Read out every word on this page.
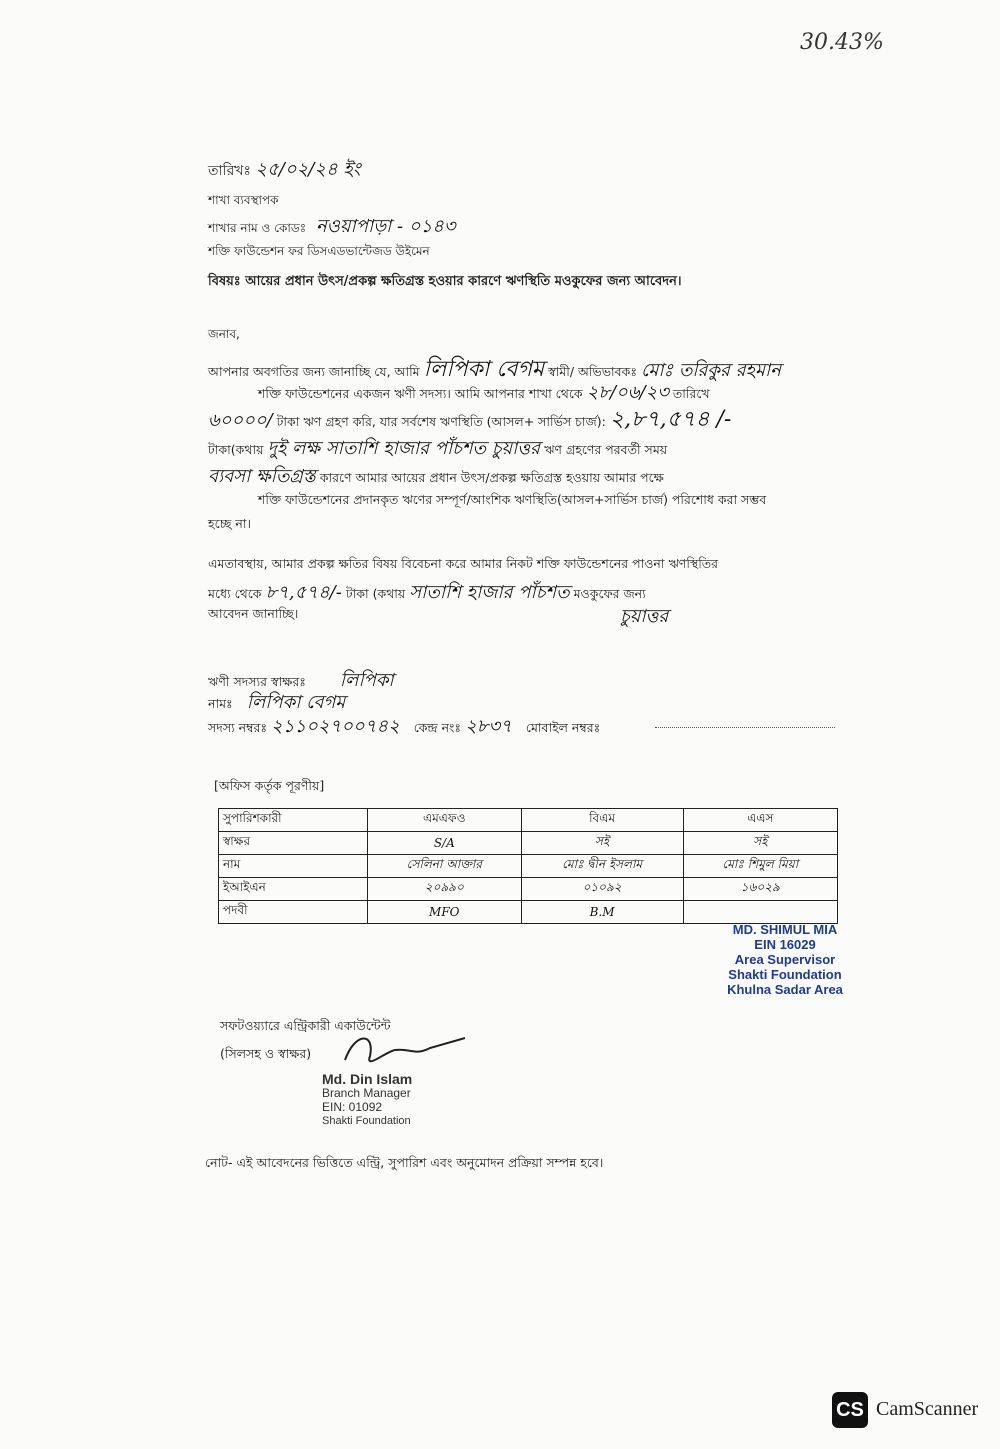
30.43%
তারিখঃ ২৫/০২/২৪ ইং
শাখা ব্যবস্থাপক
শাখার নাম ও কোডঃ নওয়াপাড়া - ০১৪৩
শক্তি ফাউন্ডেশন ফর ডিসএডভান্টেজড উইমেন
বিষয়ঃ আয়ের প্রধান উৎস/প্রকল্প ক্ষতিগ্রস্ত হওয়ার কারণে ঋণস্থিতি মওকুফের জন্য আবেদন।
জনাব,
আপনার অবগতির জন্য জানাচ্ছি যে, আমি লিপিকা বেগম স্বামী/ অভিভাবকঃ মোঃ তরিকুর রহমান
শক্তি ফাউন্ডেশনের একজন ঋণী সদস্য। আমি আপনার শাখা থেকে ২৮/০৬/২৩ তারিখে
৬০০০০/ টাকা ঋণ গ্রহণ করি, যার সর্বশেষ ঋণস্থিতি (আসল+ সার্ভিস চার্জ): ২,৮৭,৫৭৪ /-
টাকা(কথায় দুই লক্ষ সাতাশি হাজার পাঁচশত চুয়াত্তর ঋণ গ্রহণের পরবর্তী সময়
ব্যবসা ক্ষতিগ্রস্ত কারণে আমার আয়ের প্রধান উৎস/প্রকল্প ক্ষতিগ্রস্ত হওয়ায় আমার পক্ষে
শক্তি ফাউন্ডেশনের প্রদানকৃত ঋণের সম্পূর্ণ/আংশিক ঋণস্থিতি(আসল+সার্ভিস চার্জ) পরিশোধ করা সম্ভব
হচ্ছে না।
এমতাবস্থায়, আমার প্রকল্প ক্ষতির বিষয় বিবেচনা করে আমার নিকট শক্তি ফাউন্ডেশনের পাওনা ঋণস্থিতির
মধ্যে থেকে ৮৭,৫৭৪/- টাকা (কথায় সাতাশি হাজার পাঁচশত মওকুফের জন্য
চুয়াত্তর
আবেদন জানাচ্ছি।
ঋণী সদস্যর স্বাক্ষরঃ লিপিকা
নামঃ লিপিকা বেগম
সদস্য নম্বরঃ ২১১০২৭০০৭৪২ কেন্দ্র নংঃ ২৮৩৭ মোবাইল নম্বরঃ
[অফিস কর্তৃক পূরণীয়]
সুপারিশকারী	এমএফও	বিএম	এএস
স্বাক্ষর	S/A	সই	সই
নাম	সেলিনা আক্তার	মোঃ দ্বীন ইসলাম	মোঃ শিমুল মিয়া
ইআইএন	২০৯৯০	০১০৯২	১৬০২৯
পদবী	MFO	B.M	
MD. SHIMUL MIA
EIN 16029
Area Supervisor
Shakti Foundation
Khulna Sadar Area
সফটওয়্যারে এন্ট্রিকারী একাউন্টেন্ট
(সিলসহ ও স্বাক্ষর)
Md. Din Islam
Branch Manager
EIN: 01092
Shakti Foundation
নোট- এই আবেদনের ভিত্তিতে এন্ট্রি, সুপারিশ এবং অনুমোদন প্রক্রিয়া সম্পন্ন হবে।
CS CamScanner
